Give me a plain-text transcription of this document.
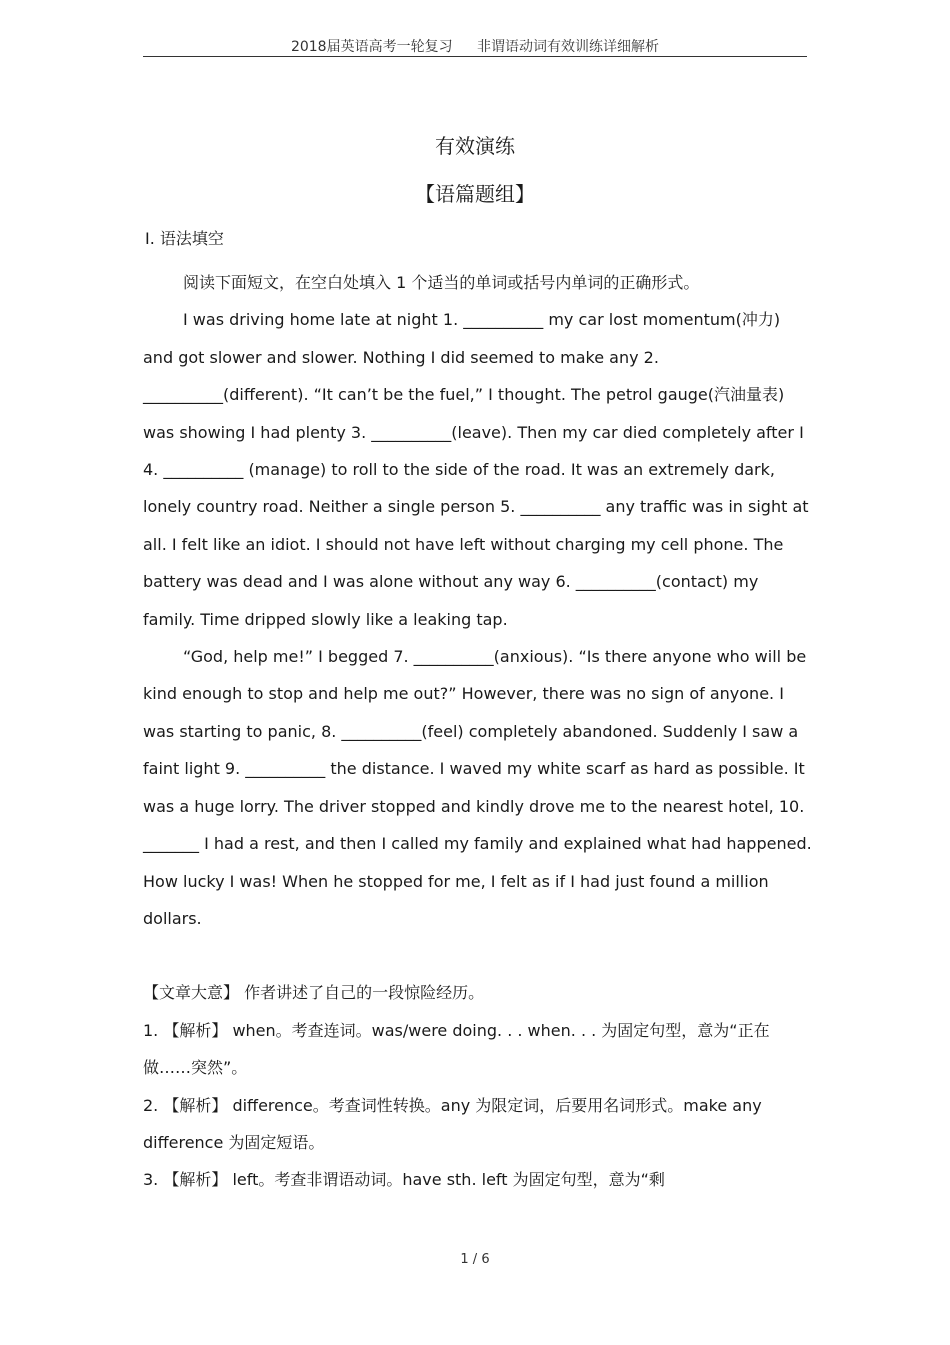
2018届英语高考一轮复习 非谓语动词有效训练详细解析
有效演练
【语篇题组】
Ⅰ. 语法填空

阅读下面短文，在空白处填入 1 个适当的单词或括号内单词的正确形式。

I was driving home late at night 1. __________ my car lost momentum(冲力) and got slower and slower. Nothing I did seemed to make any 2. __________(different). “It can’t be the fuel,” I thought. The petrol gauge(汽油量表) was showing I had plenty 3. __________(leave). Then my car died completely after I 4. __________ (manage) to roll to the side of the road. It was an extremely dark, lonely country road. Neither a single person 5. __________ any traffic was in sight at all. I felt like an idiot. I should not have left without charging my cell phone. The battery was dead and I was alone without any way 6. __________(contact) my family. Time dripped slowly like a leaking tap.

“God, help me!” I begged 7. __________(anxious). “Is there anyone who will be kind enough to stop and help me out?” However, there was no sign of anyone. I was starting to panic, 8. __________(feel) completely abandoned. Suddenly I saw a faint light 9. __________ the distance. I waved my white scarf as hard as possible. It was a huge lorry. The driver stopped and kindly drove me to the nearest hotel, 10. _______ I had a rest, and then I called my family and explained what had happened. How lucky I was! When he stopped for me, I felt as if I had just found a million dollars.

【文章大意】 作者讲述了自己的一段惊险经历。

1. 【解析】 when。考查连词。was/were doing. . . when. . . 为固定句型，意为“正在做……突然”。

2. 【解析】 difference。考查词性转换。any 为限定词，后要用名词形式。make any difference 为固定短语。

3. 【解析】 left。考查非谓语动词。have sth. left 为固定句型，意为“剩

1 / 6
